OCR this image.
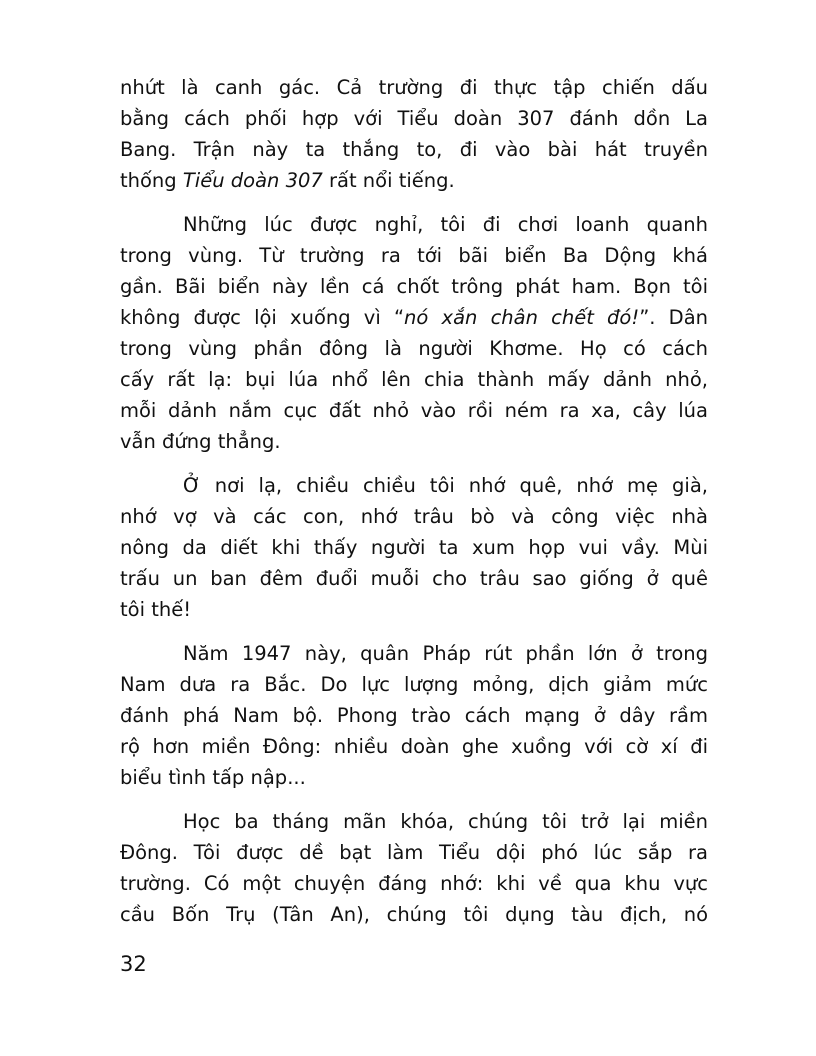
nhứt là canh gác. Cả trường đi thực tập chiến dấu
bằng cách phối hợp với Tiểu doàn 307 đánh dồn La
Bang. Trận này ta thắng to, đi vào bài hát truyền
thống Tiểu doàn 307 rất nổi tiếng.
Những lúc được nghỉ, tôi đi chơi loanh quanh
trong vùng. Từ trường ra tới bãi biển Ba Dộng khá
gần. Bãi biển này lền cá chốt trông phát ham. Bọn tôi
không được lội xuống vì “nó xắn chân chết đó!”. Dân
trong vùng phần đông là người Khơme. Họ có cách
cấy rất lạ: bụi lúa nhổ lên chia thành mấy dảnh nhỏ,
mỗi dảnh nắm cục đất nhỏ vào rồi ném ra xa, cây lúa
vẫn đứng thẳng.
Ở nơi lạ, chiều chiều tôi nhớ quê, nhớ mẹ già,
nhớ vợ và các con, nhớ trâu bò và công việc nhà
nông da diết khi thấy người ta xum họp vui vầy. Mùi
trấu un ban đêm đuổi muỗi cho trâu sao giống ở quê
tôi thế!
Năm 1947 này, quân Pháp rút phần lớn ở trong
Nam dưa ra Bắc. Do lực lượng mỏng, dịch giảm mức
đánh phá Nam bộ. Phong trào cách mạng ở dây rầm
rộ hơn miền Đông: nhiều doàn ghe xuồng với cờ xí đi
biểu tình tấp nập...
Học ba tháng mãn khóa, chúng tôi trở lại miền
Đông. Tôi được dề bạt làm Tiểu dội phó lúc sắp ra
trường. Có một chuyện đáng nhớ: khi về qua khu vực
cầu Bốn Trụ (Tân An), chúng tôi dụng tàu địch, nó
32
